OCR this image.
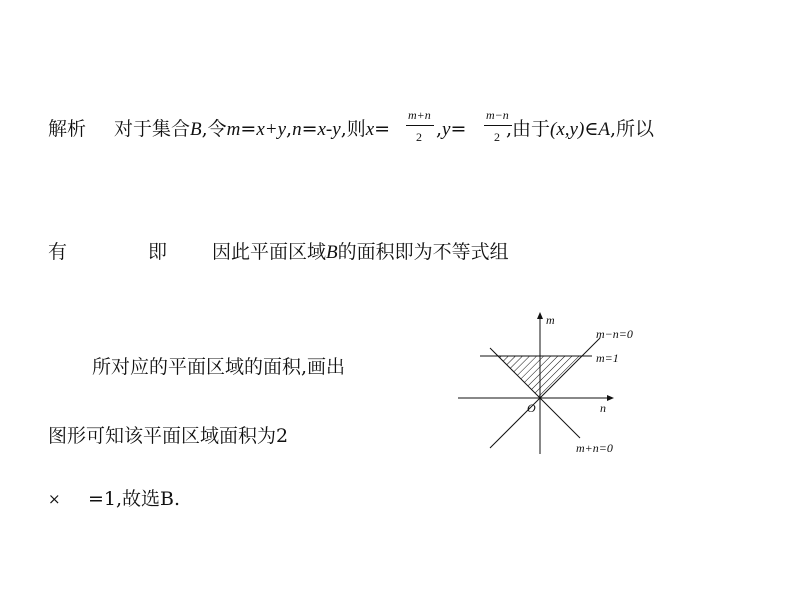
解析 对于集合B,令m=x+y,n=x-y,则x=
m+n
2 ,y=
m−n
2 ,由于(x,y)∈A,所以
有	即 因此平面区域B的面积即为不等式组
所对应的平面区域的面积,画出
图形可知该平面区域面积为2
× =1,故选B.
m
n
O
m−n=0
m=1
m+n=0
